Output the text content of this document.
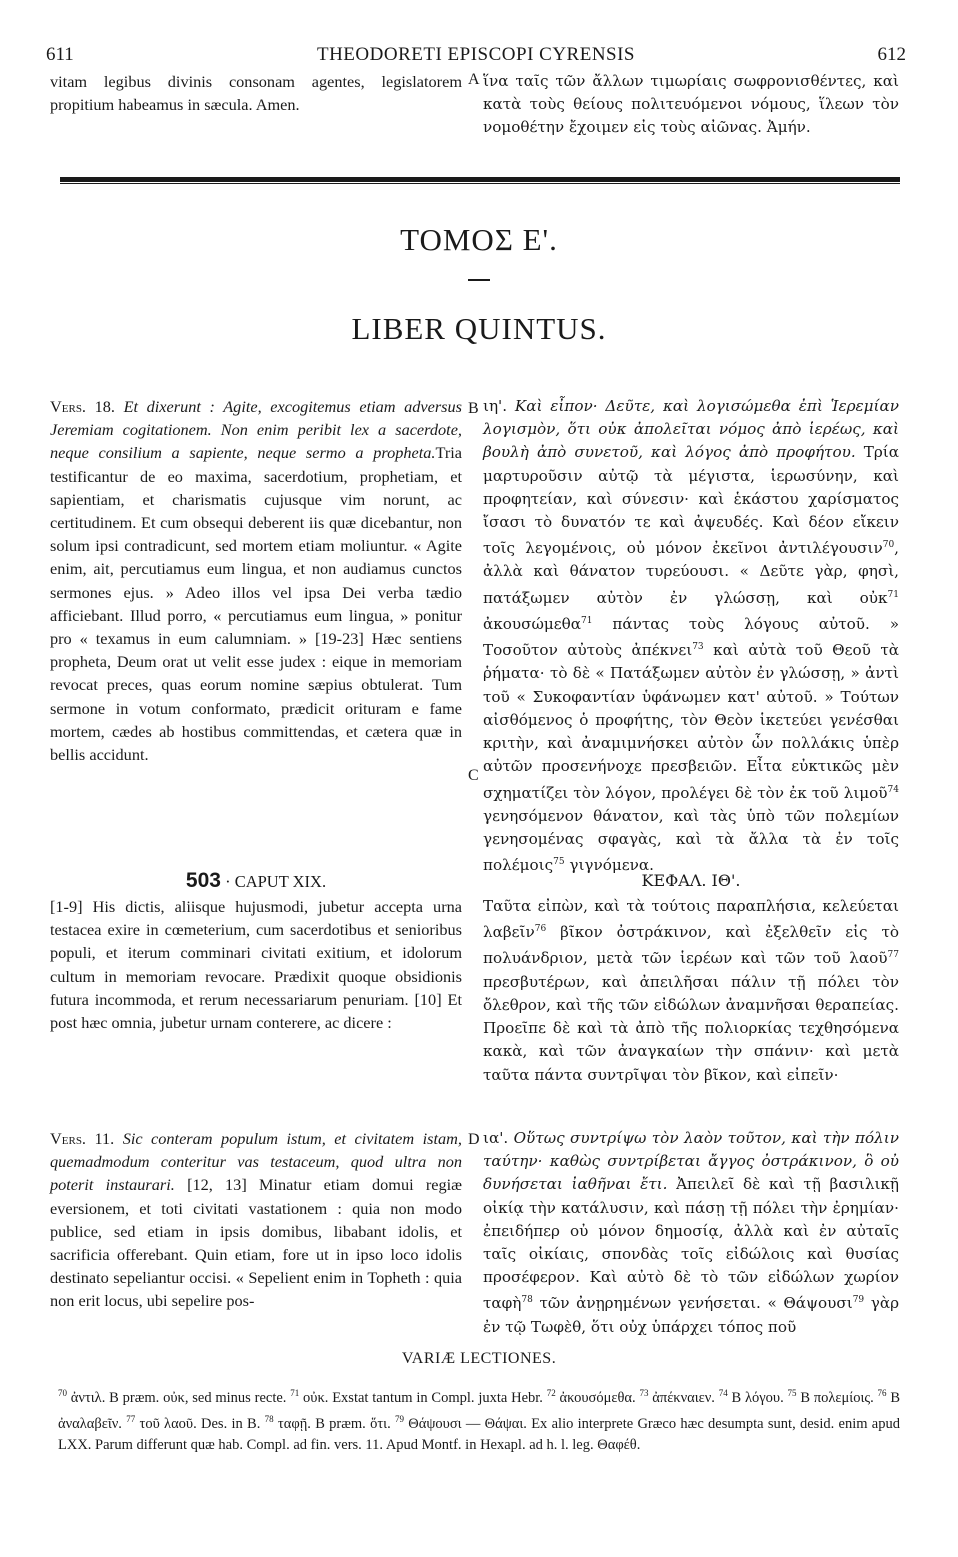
611	THEODORETI EPISCOPI CYRENSIS	612

vitam legibus divinis consonam agentes, legislatorem propitium habeamus in sæcula. Amen.

A ἵνα ταῖς τῶν ἄλλων τιμωρίαις σωφρονισθέντες, καὶ κατὰ τοὺς θείους πολιτευόμενοι νόμους, ἵλεων τὸν νομοθέτην ἔχοιμεν εἰς τοὺς αἰῶνας. Ἀμήν.

ΤΟΜΟΣ Ε'.
LIBER QUINTUS.

Vers. 18. Et dixerunt : Agite, excogitemus etiam adversus Jeremiam cogitationem. Non enim peribit lex a sacerdote, neque consilium a sapiente, neque sermo a propheta.Tria testificantur de eo maxima, sacerdotium, prophetiam, et sapientiam, et charismatis cujusque vim norunt, ac certitudinem. Et cum obsequi deberent iis quæ dicebantur, non solum ipsi contradicunt, sed mortem etiam moliuntur. « Agite enim, ait, percutiamus eum lingua, et non audiamus cunctos sermones ejus. » Adeo illos vel ipsa Dei verba tædio afficiebant. Illud porro, « percutiamus eum lingua, » ponitur pro « texamus in eum calumniam. » [19-23] Hæc sentiens propheta, Deum orat ut velit esse judex : eique in memoriam revocat preces, quas eorum nomine sæpius obtulerat. Tum sermone in votum conformato, prædicit orituram e fame mortem, cædes ab hostibus committendas, et cætera quæ in bellis accidunt.

B
C

ιη'. Καὶ εἶπον· Δεῦτε, καὶ λογισώμεθα ἐπὶ Ἱερεμίαν λογισμὸν, ὅτι οὐκ ἀπολεῖται νόμος ἀπὸ ἱερέως, καὶ βουλὴ ἀπὸ συνετοῦ, καὶ λόγος ἀπὸ προφήτου. Τρία μαρτυροῦσιν αὐτῷ τὰ μέγιστα, ἱερωσύνην, καὶ προφητείαν, καὶ σύνεσιν· καὶ ἑκάστου χαρίσματος ἴσασι τὸ δυνατόν τε καὶ ἀψευδές. Καὶ δέον εἴκειν τοῖς λεγομένοις, οὐ μόνον ἐκεῖνοι ἀντιλέγουσιν$^{70}$, ἀλλὰ καὶ θάνατον τυρεύουσι. « Δεῦτε γὰρ, φησὶ, πατάξωμεν αὐτὸν ἐν γλώσσῃ, καὶ οὐκ$^{71}$ ἀκουσώμεθα$^{71}$ πάντας τοὺς λόγους αὐτοῦ. » Τοσοῦτον αὐτοὺς ἀπέκνει$^{73}$ καὶ αὐτὰ τοῦ Θεοῦ τὰ ῥήματα· τὸ δὲ « Πατάξωμεν αὐτὸν ἐν γλώσσῃ, » ἀντὶ τοῦ « Συκοφαντίαν ὑφάνωμεν κατ' αὐτοῦ. » Τούτων αἰσθόμενος ὁ προφήτης, τὸν Θεὸν ἱκετεύει γενέσθαι κριτὴν, καὶ ἀναμιμνήσκει αὐτὸν ὧν πολλάκις ὑπὲρ αὐτῶν προσενήνοχε πρεσβειῶν. Εἶτα εὐκτικῶς μὲν σχηματίζει τὸν λόγον, προλέγει δὲ τὸν ἐκ τοῦ λιμοῦ$^{74}$ γενησόμενον θάνατον, καὶ τὰς ὑπὸ τῶν πολεμίων γενησομένας σφαγὰς, καὶ τὰ ἄλλα τὰ ἐν τοῖς πολέμοις$^{75}$ γιγνόμενα.

503 · CAPUT XIX.	ΚΕΦΑΛ. ΙΘ'.

[1-9] His dictis, aliisque hujusmodi, jubetur accepta urna testacea exire in cœmeterium, cum sacerdotibus et senioribus populi, et iterum comminari civitati exitium, et idolorum cultum in memoriam revocare. Prædixit quoque obsidionis futura incommoda, et rerum necessariarum penuriam. [10] Et post hæc omnia, jubetur urnam conterere, ac dicere :

Ταῦτα εἰπὼν, καὶ τὰ τούτοις παραπλήσια, κελεύεται λαβεῖν$^{76}$ βῖκον ὀστράκινον, καὶ ἐξελθεῖν εἰς τὸ πολυάνδριον, μετὰ τῶν ἱερέων καὶ τῶν τοῦ λαοῦ$^{77}$ πρεσβυτέρων, καὶ ἀπειλῆσαι πάλιν τῇ πόλει τὸν ὄλεθρον, καὶ τῆς τῶν εἰδώλων ἀναμνῆσαι θεραπείας. Προεῖπε δὲ καὶ τὰ ἀπὸ τῆς πολιορκίας τεχθησόμενα κακὰ, καὶ τῶν ἀναγκαίων τὴν σπάνιν· καὶ μετὰ ταῦτα πάντα συντρῖψαι τὸν βῖκον, καὶ εἰπεῖν·

Vers. 11. Sic conteram populum istum, et civitatem istam, quemadmodum conteritur vas testaceum, quod ultra non poterit instaurari. [12, 13] Minatur etiam domui regiæ eversionem, et toti civitati vastationem : quia non modo publice, sed etiam in ipsis domibus, libabant idolis, et sacrificia offerebant. Quin etiam, fore ut in ipso loco idolis destinato sepeliantur occisi. « Sepelient enim in Topheth : quia non erit locus, ubi sepelire pos-

D ια'. Οὕτως συντρίψω τὸν λαὸν τοῦτον, καὶ τὴν πόλιν ταύτην· καθὼς συντρίβεται ἄγγος ὀστράκινον, ὃ οὐ δυνήσεται ἰαθῆναι ἔτι. Ἀπειλεῖ δὲ καὶ τῇ βασιλικῇ οἰκίᾳ τὴν κατάλυσιν, καὶ πάσῃ τῇ πόλει τὴν ἐρημίαν· ἐπειδήπερ οὐ μόνον δημοσίᾳ, ἀλλὰ καὶ ἐν αὐταῖς ταῖς οἰκίαις, σπονδὰς τοῖς εἰδώλοις καὶ θυσίας προσέφερον. Καὶ αὐτὸ δὲ τὸ τῶν εἰδώλων χωρίον ταφὴ$^{78}$ τῶν ἀνῃρημένων γενήσεται. « Θάψουσι$^{79}$ γὰρ ἐν τῷ Τωφὲθ, ὅτι οὐχ ὑπάρχει τόπος ποῦ

VARIÆ LECTIONES.
$^{70}$ ἀντιλ. B præm. οὐκ, sed minus recte. $^{71}$ οὐκ. Exstat tantum in Compl. juxta Hebr. $^{72}$ ἀκουσόμεθα. $^{73}$ ἀπέκναιεν. $^{74}$ B λόγου. $^{75}$ B πολεμίοις. $^{76}$ B ἀναλαβεῖν. $^{77}$ τοῦ λαοῦ. Des. in B. $^{78}$ ταφῇ. B præm. ὅτι. $^{79}$ Θάψουσι — Θάψαι. Ex alio interprete Græco hæc desumpta sunt, desid. enim apud LXX. Parum differunt quæ hab. Compl. ad fin. vers. 11. Apud Montf. in Hexapl. ad h. l. leg. Θαφέθ.
